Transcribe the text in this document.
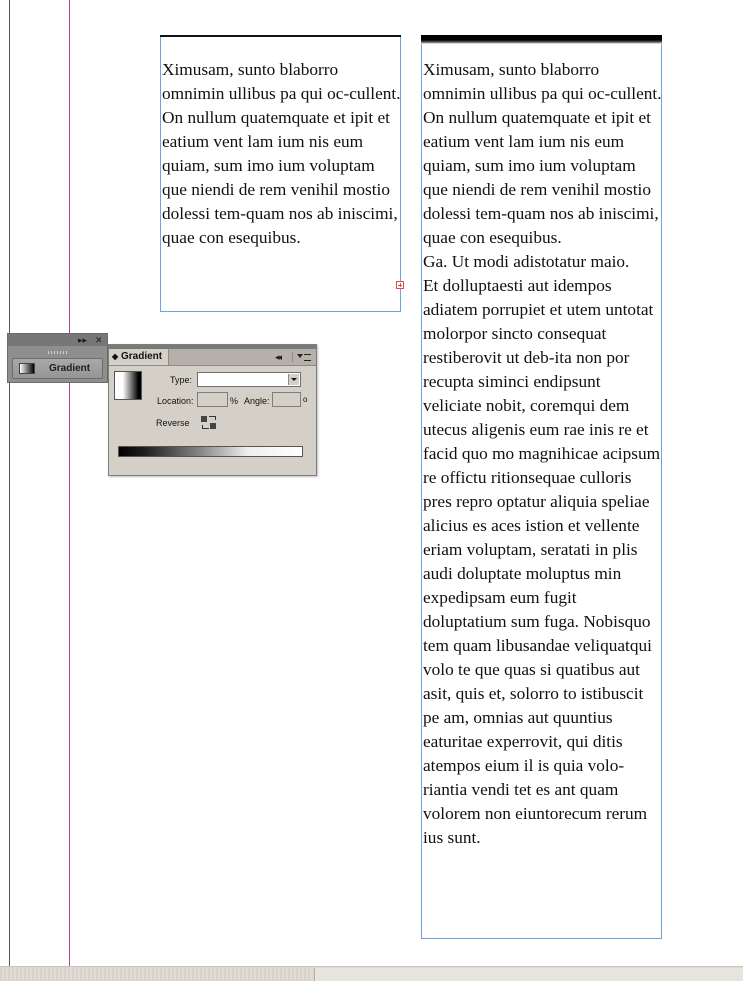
Ximusam, sunto blaborro omnimin ullibus pa qui oc-cullent.

On nullum quatemquate et ipit et eatium vent lam ium nis eum quiam, sum imo ium voluptam que niendi de rem venihil mostio dolessi tem-quam nos ab iniscimi, quae con esequibus.

Ximusam, sunto blaborro omnimin ullibus pa qui oc-cullent.

On nullum quatemquate et ipit et eatium vent lam ium nis eum quiam, sum imo ium voluptam que niendi de rem venihil mostio dolessi tem-quam nos ab iniscimi, quae con esequibus.

Ga. Ut modi adistotatur maio.

Et dolluptaesti aut idempos adiatem porrupiet et utem untotat molorpor sincto consequat restiberovit ut deb-ita non por recupta siminci endipsunt veliciate nobit, coremqui dem utecus aligenis eum rae inis re et facid quo mo magnihicae acipsum re offictu ritionsequae culloris pres repro optatur aliquia speliae alicius es aces istion et vellente eriam voluptam, seratati in plis audi doluptate moluptus min expedipsam eum fugit doluptatium sum fuga. Nobisquo tem quam libusandae veliquatqui volo te que quas si quatibus aut asit, quis et, solorro to istibuscit pe am, omnias aut quuntius eaturitae experrovit, qui ditis atempos eium il is quia volo-riantia vendi tet es ant quam volorem non eiuntorecum rerum ius sunt.

▸▸ ✕
Gradient
◆ Gradient	◂◂
Type:
Location:	% Angle:	o
Reverse
